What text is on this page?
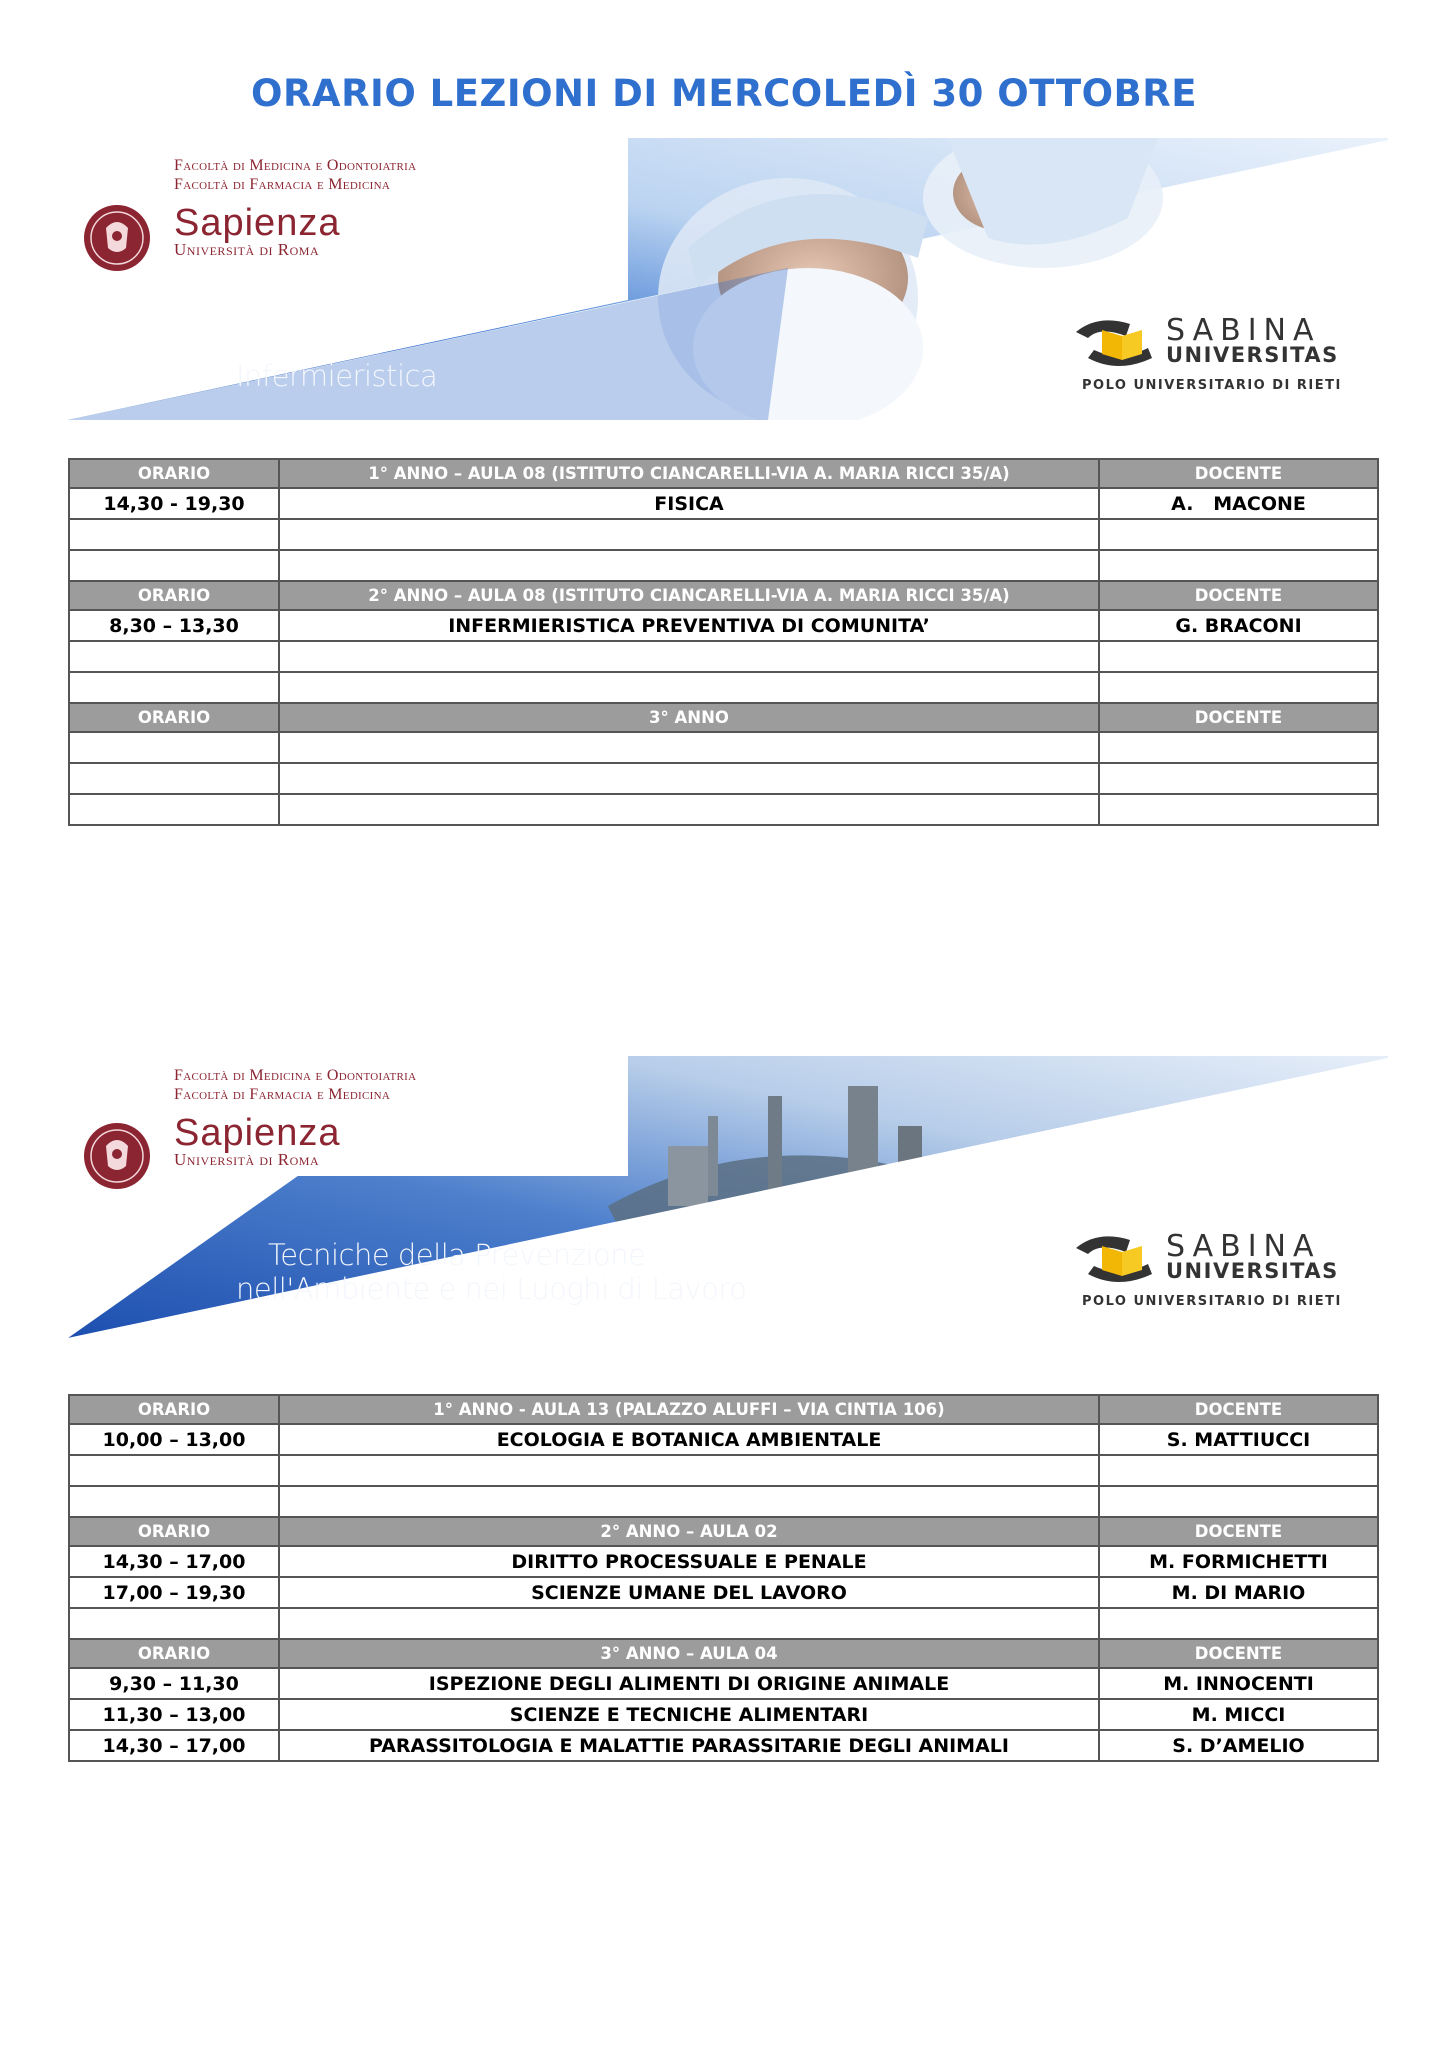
ORARIO LEZIONI DI MERCOLEDÌ 30 OTTOBRE
Facoltà di Medicina e Odontoiatria
Facoltà di Farmacia e Medicina
Sapienza
Università di Roma
Infermieristica
SABINA
UNIVERSITAS
POLO UNIVERSITARIO DI RIETI
ORARIO	1° ANNO – AULA 08 (ISTITUTO CIANCARELLI-VIA A. MARIA RICCI 35/A)	DOCENTE
14,30 - 19,30	FISICA	A.   MACONE

ORARIO	2° ANNO – AULA 08 (ISTITUTO CIANCARELLI-VIA A. MARIA RICCI 35/A)	DOCENTE
8,30 – 13,30	INFERMIERISTICA PREVENTIVA DI COMUNITA’	G. BRACONI

ORARIO	3° ANNO	DOCENTE

Facoltà di Medicina e Odontoiatria
Facoltà di Farmacia e Medicina
Sapienza
Università di Roma
Tecniche della Prevenzione
nell'Ambiente e nei Luoghi di Lavoro
SABINA
UNIVERSITAS
POLO UNIVERSITARIO DI RIETI
ORARIO	1° ANNO - AULA 13 (PALAZZO ALUFFI – VIA CINTIA 106)	DOCENTE
10,00 – 13,00	ECOLOGIA E BOTANICA AMBIENTALE	S. MATTIUCCI

ORARIO	2° ANNO – AULA 02	DOCENTE
14,30 – 17,00	DIRITTO PROCESSUALE E PENALE	M. FORMICHETTI
17,00 – 19,30	SCIENZE UMANE DEL LAVORO	M. DI MARIO

ORARIO	3° ANNO – AULA 04	DOCENTE
9,30 – 11,30	ISPEZIONE DEGLI ALIMENTI DI ORIGINE ANIMALE	M. INNOCENTI
11,30 – 13,00	SCIENZE E TECNICHE ALIMENTARI	M. MICCI
14,30 – 17,00	PARASSITOLOGIA E MALATTIE PARASSITARIE DEGLI ANIMALI	S. D’AMELIO
